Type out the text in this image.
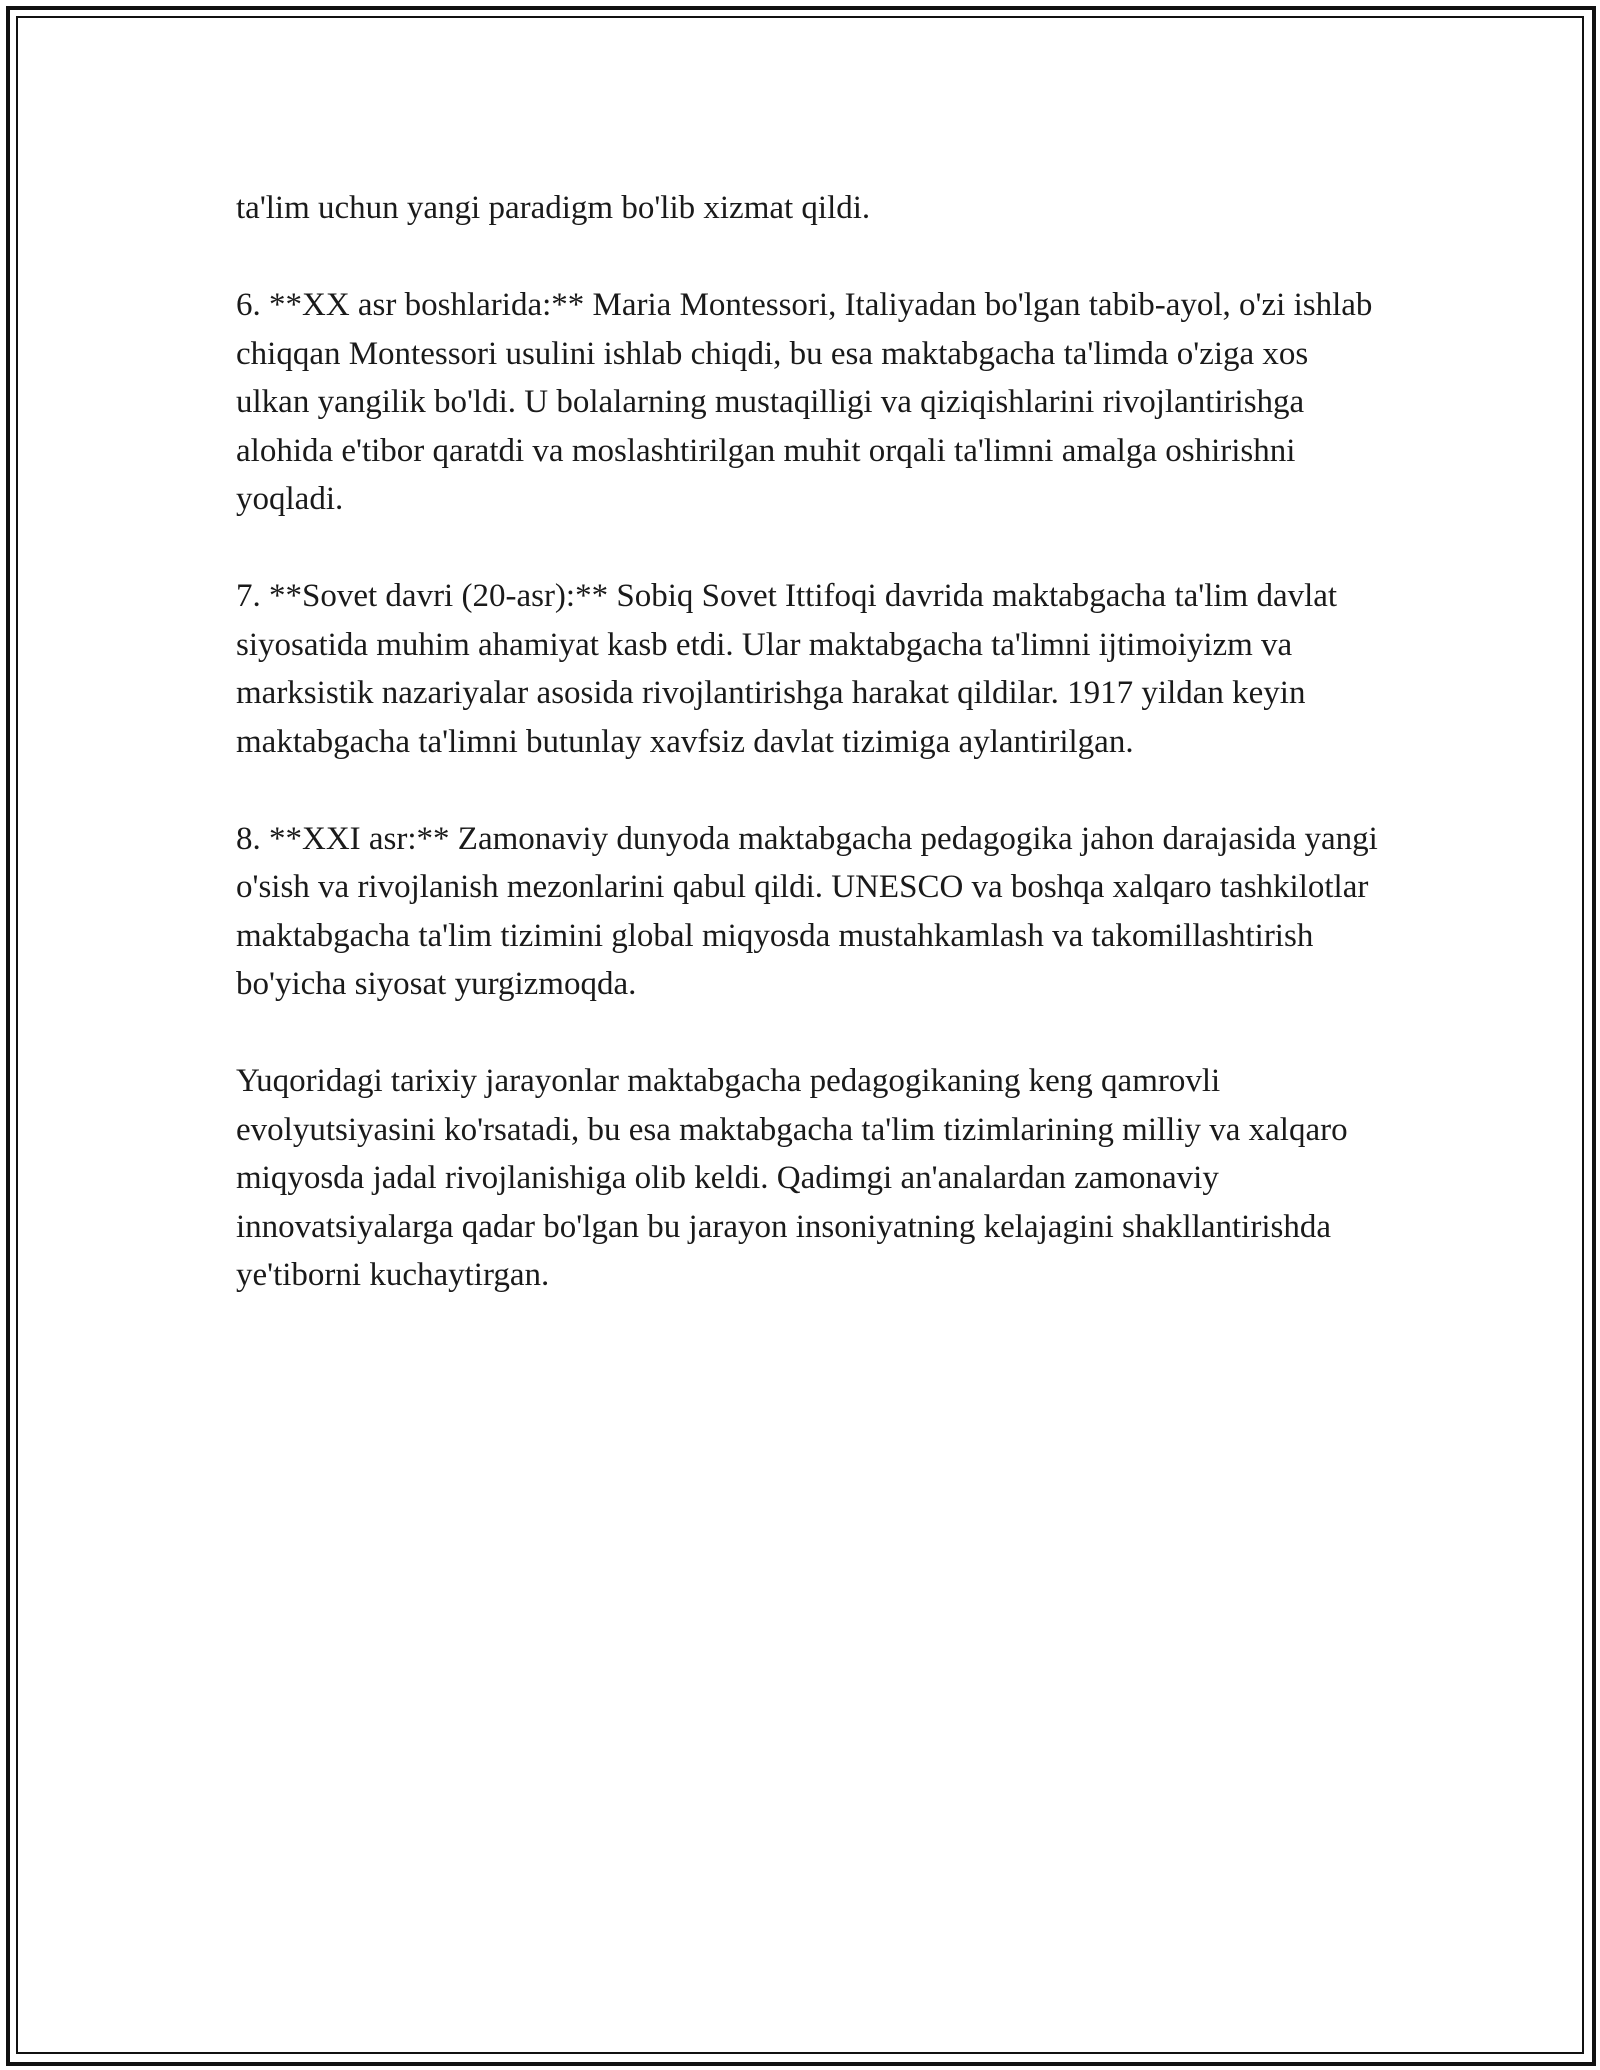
ta'lim uchun yangi paradigm bo'lib xizmat qildi.

6. **XX asr boshlarida:** Maria Montessori, Italiyadan bo'lgan tabib-ayol, o'zi ishlab chiqqan Montessori usulini ishlab chiqdi, bu esa maktabgacha ta'limda o'ziga xos ulkan yangilik bo'ldi. U bolalarning mustaqilligi va qiziqishlarini rivojlantirishga alohida e'tibor qaratdi va moslashtirilgan muhit orqali ta'limni amalga oshirishni yoqladi.

7. **Sovet davri (20-asr):** Sobiq Sovet Ittifoqi davrida maktabgacha ta'lim davlat siyosatida muhim ahamiyat kasb etdi. Ular maktabgacha ta'limni ijtimoiyizm va marksistik nazariyalar asosida rivojlantirishga harakat qildilar. 1917 yildan keyin maktabgacha ta'limni butunlay xavfsiz davlat tizimiga aylantirilgan.

8. **XXI asr:** Zamonaviy dunyoda maktabgacha pedagogika jahon darajasida yangi o'sish va rivojlanish mezonlarini qabul qildi. UNESCO va boshqa xalqaro tashkilotlar maktabgacha ta'lim tizimini global miqyosda mustahkamlash va takomillashtirish bo'yicha siyosat yurgizmoqda.

Yuqoridagi tarixiy jarayonlar maktabgacha pedagogikaning keng qamrovli evolyutsiyasini ko'rsatadi, bu esa maktabgacha ta'lim tizimlarining milliy va xalqaro miqyosda jadal rivojlanishiga olib keldi. Qadimgi an'analardan zamonaviy innovatsiyalarga qadar bo'lgan bu jarayon insoniyatning kelajagini shakllantirishda ye'tiborni kuchaytirgan.
